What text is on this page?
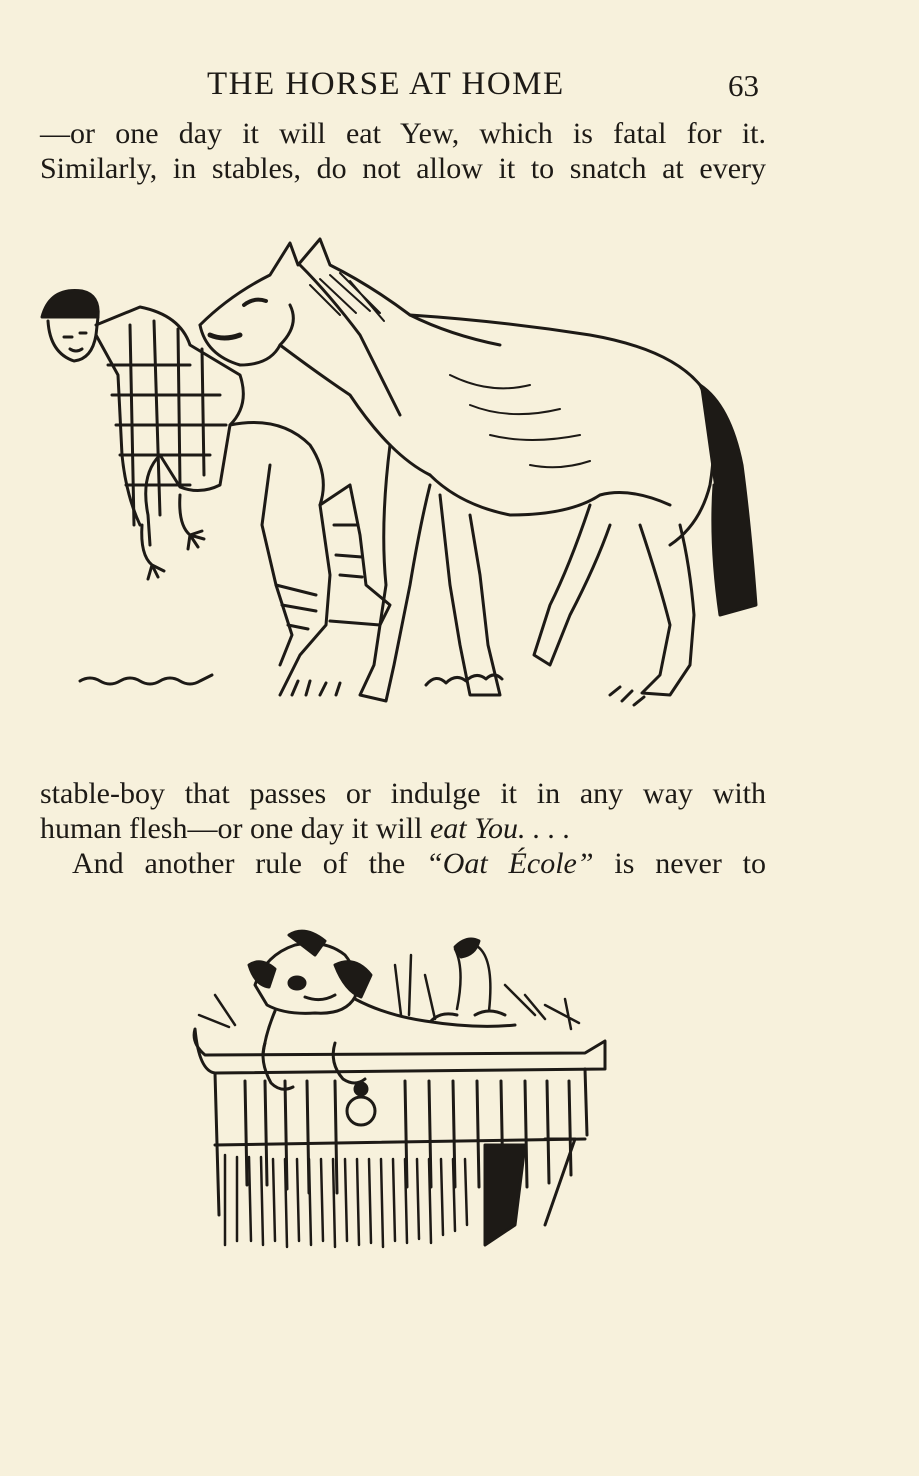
THE HORSE AT HOME	63
—or one day it will eat Yew, which is fatal for it.
Similarly, in stables, do not allow it to snatch at every
stable-boy that passes or indulge it in any way with
human flesh—or one day it will eat You. . . .
And another rule of the “Oat École” is never to
